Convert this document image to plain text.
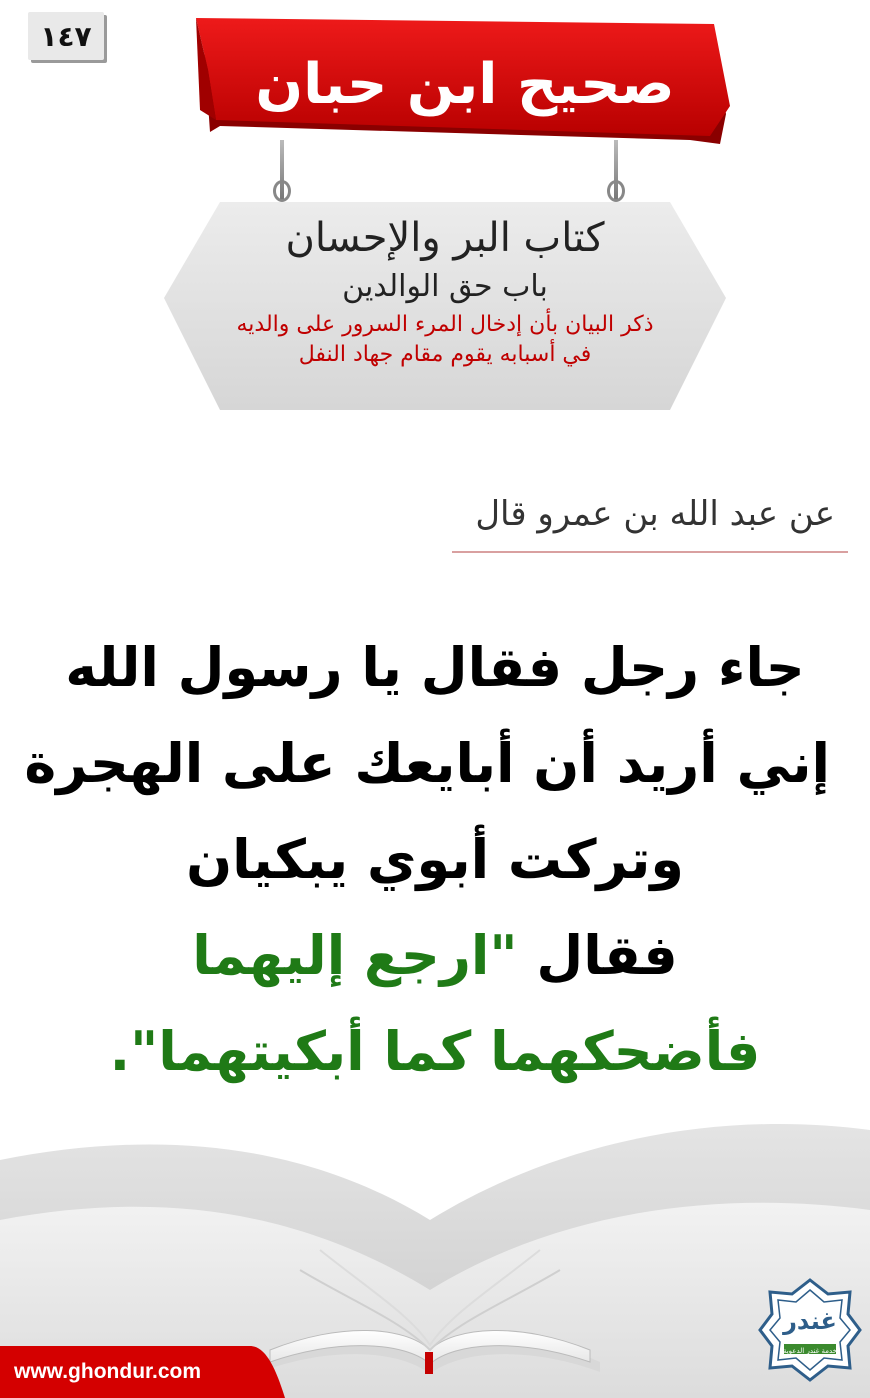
١٤٧
صحيح ابن حبان
كتاب البر والإحسان
باب حق الوالدين
ذكر البيان بأن إدخال المرء السرور على والديه
في أسبابه يقوم مقام جهاد النفل
عن عبد الله بن عمرو قال
جاء رجل فقال يا رسول الله
إني أريد أن أبايعك على الهجرة
وتركت أبوي يبكيان
فقال "ارجع إليهما
فأضحكهما كما أبكيتهما".
www.ghondur.com
غندر
خدمة غندر الدعوية
